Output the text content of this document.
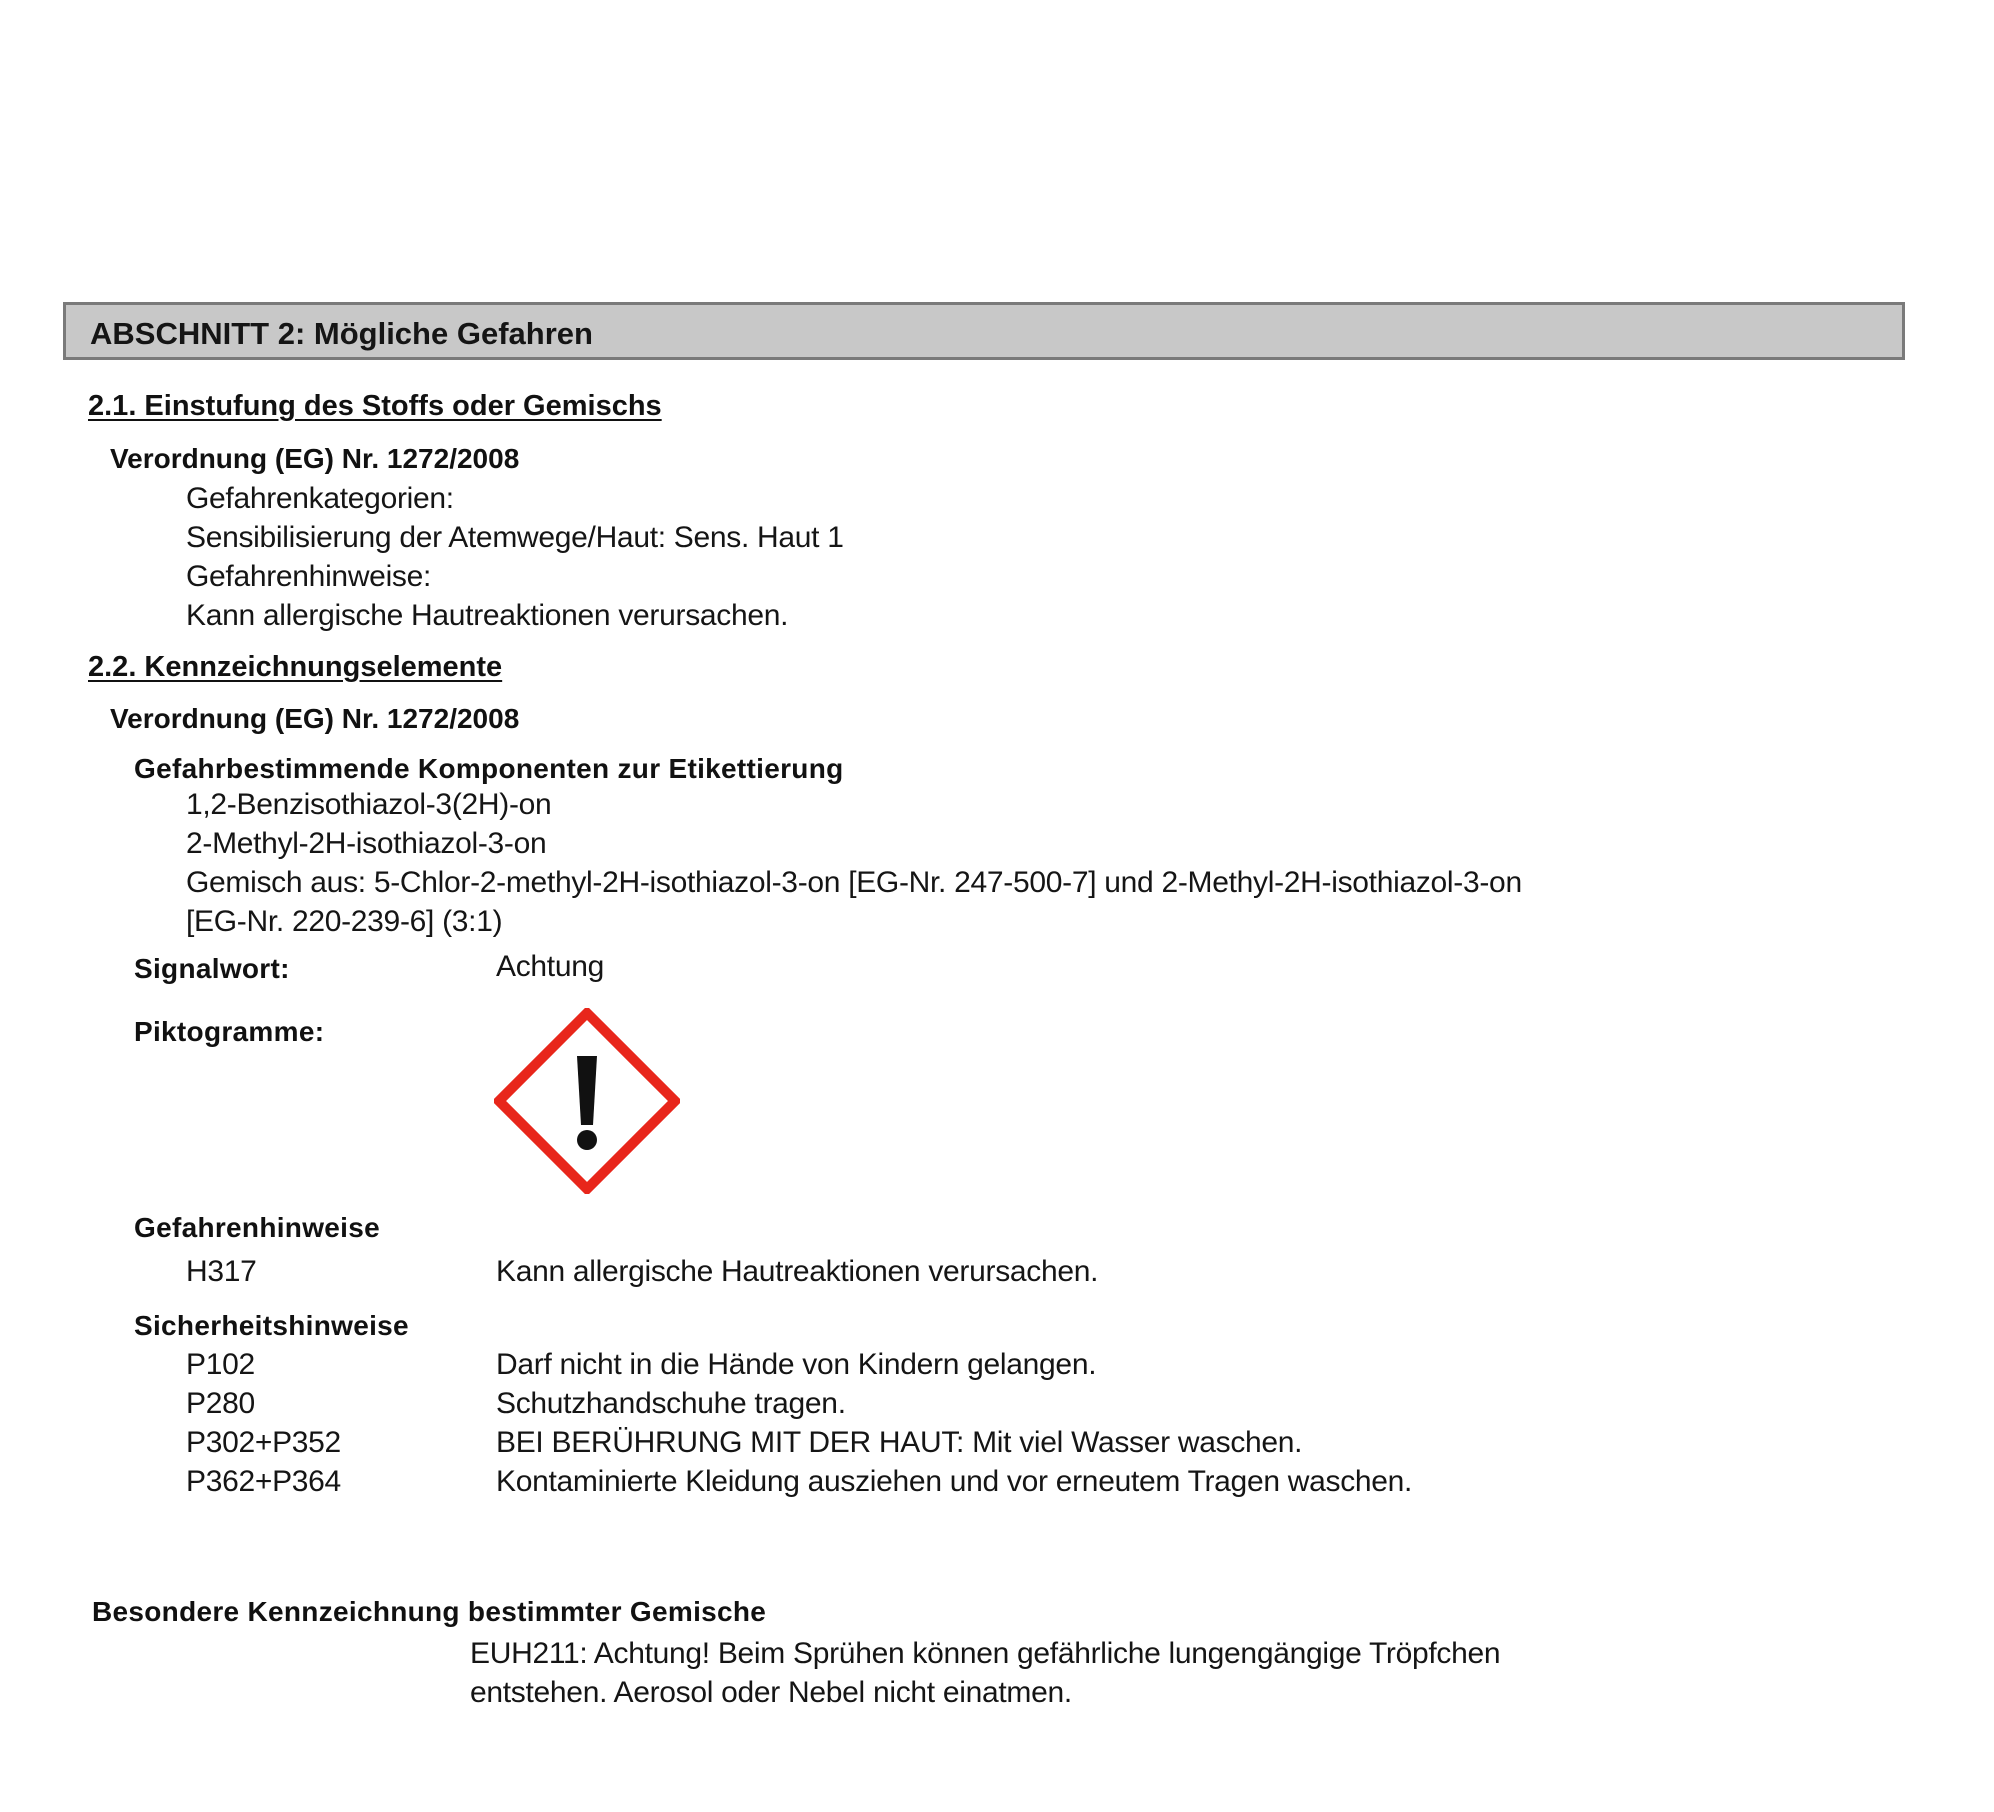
ABSCHNITT 2: Mögliche Gefahren
2.1. Einstufung des Stoffs oder Gemischs
Verordnung (EG) Nr. 1272/2008
Gefahrenkategorien:
Sensibilisierung der Atemwege/Haut: Sens. Haut 1
Gefahrenhinweise:
Kann allergische Hautreaktionen verursachen.
2.2. Kennzeichnungselemente
Verordnung (EG) Nr. 1272/2008
Gefahrbestimmende Komponenten zur Etikettierung
1,2-Benzisothiazol-3(2H)-on
2-Methyl-2H-isothiazol-3-on
Gemisch aus: 5-Chlor-2-methyl-2H-isothiazol-3-on [EG-Nr. 247-500-7] und 2-Methyl-2H-isothiazol-3-on
[EG-Nr. 220-239-6] (3:1)
Signalwort:	Achtung
Piktogramme:
Gefahrenhinweise
H317	Kann allergische Hautreaktionen verursachen.
Sicherheitshinweise
P102	Darf nicht in die Hände von Kindern gelangen.
P280	Schutzhandschuhe tragen.
P302+P352	BEI BERÜHRUNG MIT DER HAUT: Mit viel Wasser waschen.
P362+P364	Kontaminierte Kleidung ausziehen und vor erneutem Tragen waschen.
Besondere Kennzeichnung bestimmter Gemische
EUH211: Achtung! Beim Sprühen können gefährliche lungengängige Tröpfchen
entstehen. Aerosol oder Nebel nicht einatmen.
